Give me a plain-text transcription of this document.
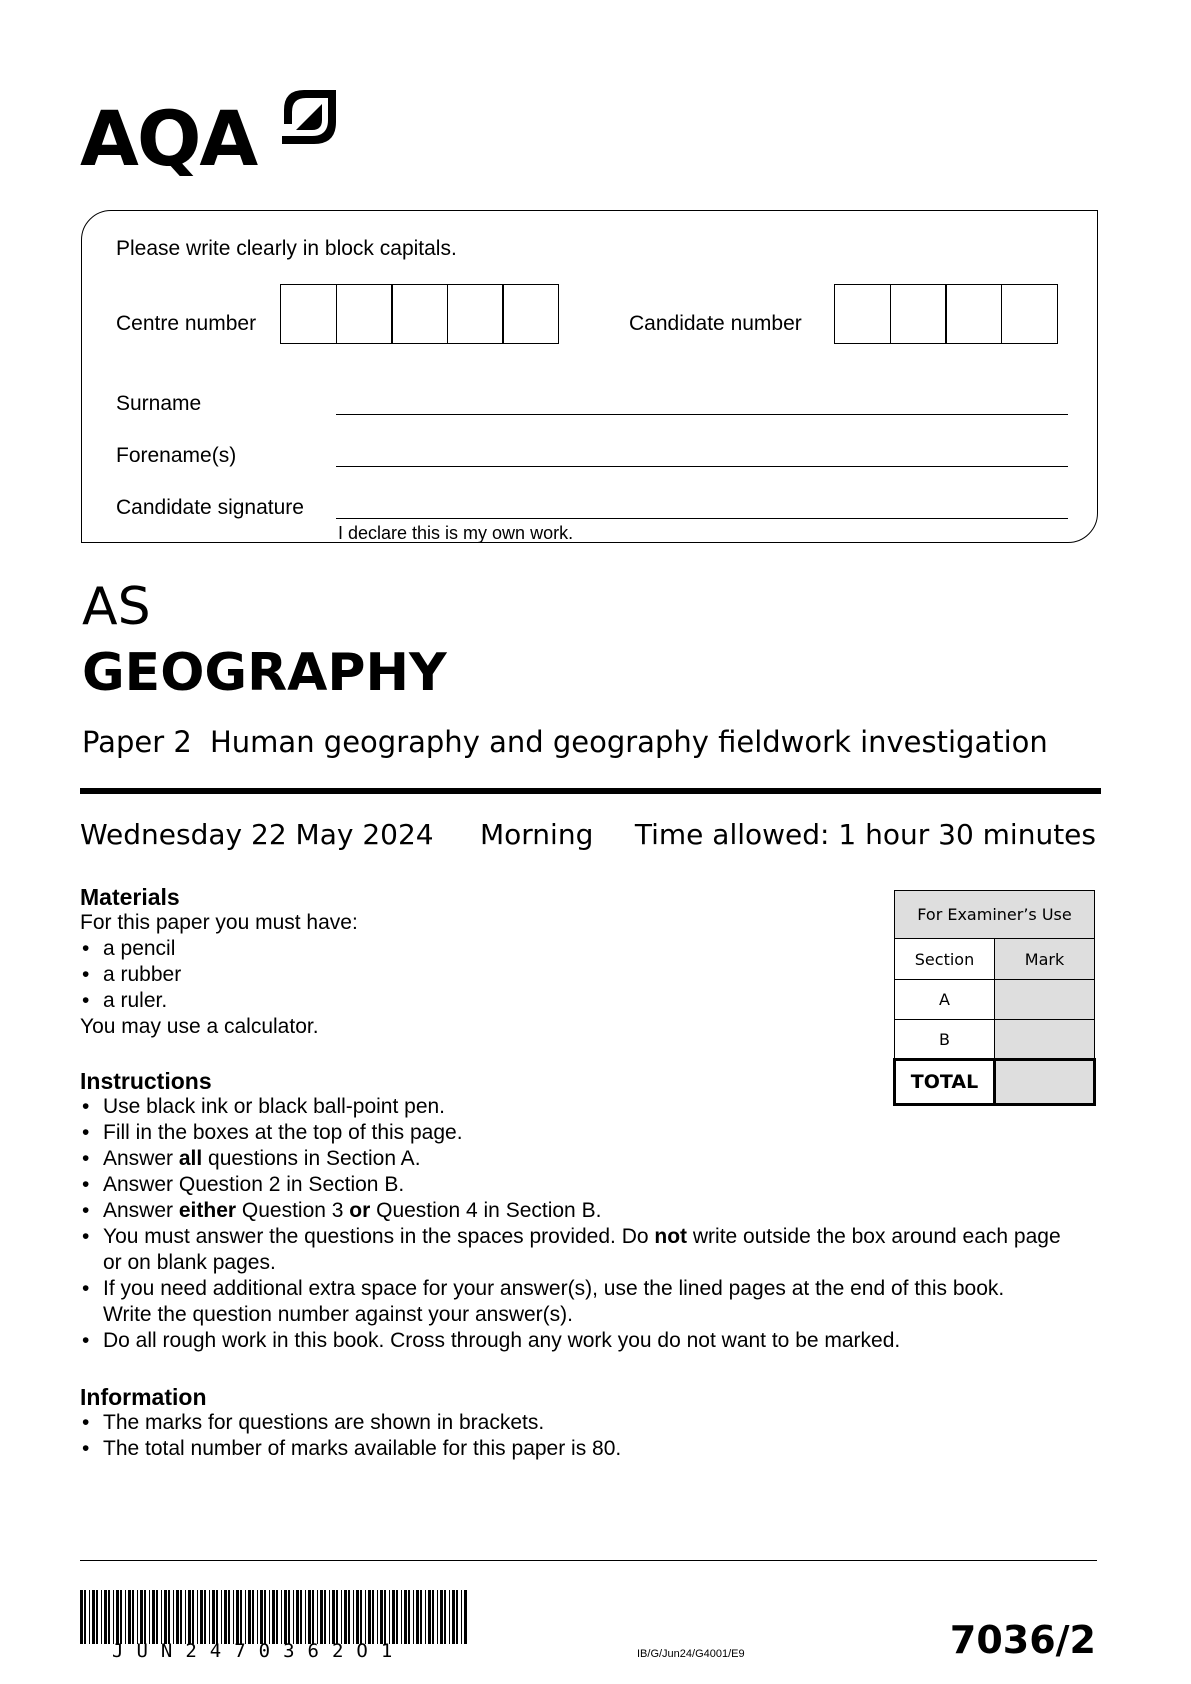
AQA
Please write clearly in block capitals.
Centre number	Candidate number
Surname
Forename(s)
Candidate signature
I declare this is my own work.
AS
GEOGRAPHY
Paper 2 Human geography and geography fieldwork investigation
Wednesday 22 May 2024 Morning Time allowed: 1 hour 30 minutes
Materials
For this paper you must have:
• a pencil
• a rubber
• a ruler.
You may use a calculator.
Instructions
• Use black ink or black ball-point pen.
• Fill in the boxes at the top of this page.
• Answer all questions in Section A.
• Answer Question 2 in Section B.
• Answer either Question 3 or Question 4 in Section B.
• You must answer the questions in the spaces provided. Do not write outside the box around each page or on blank pages.
• If you need additional extra space for your answer(s), use the lined pages at the end of this book. Write the question number against your answer(s).
• Do all rough work in this book. Cross through any work you do not want to be marked.
Information
• The marks for questions are shown in brackets.
• The total number of marks available for this paper is 80.
For Examiner’s Use	
Section	Mark
A	
B	
TOTAL	
JUN2470362O1	IB/G/Jun24/G4001/E9	7036/2
